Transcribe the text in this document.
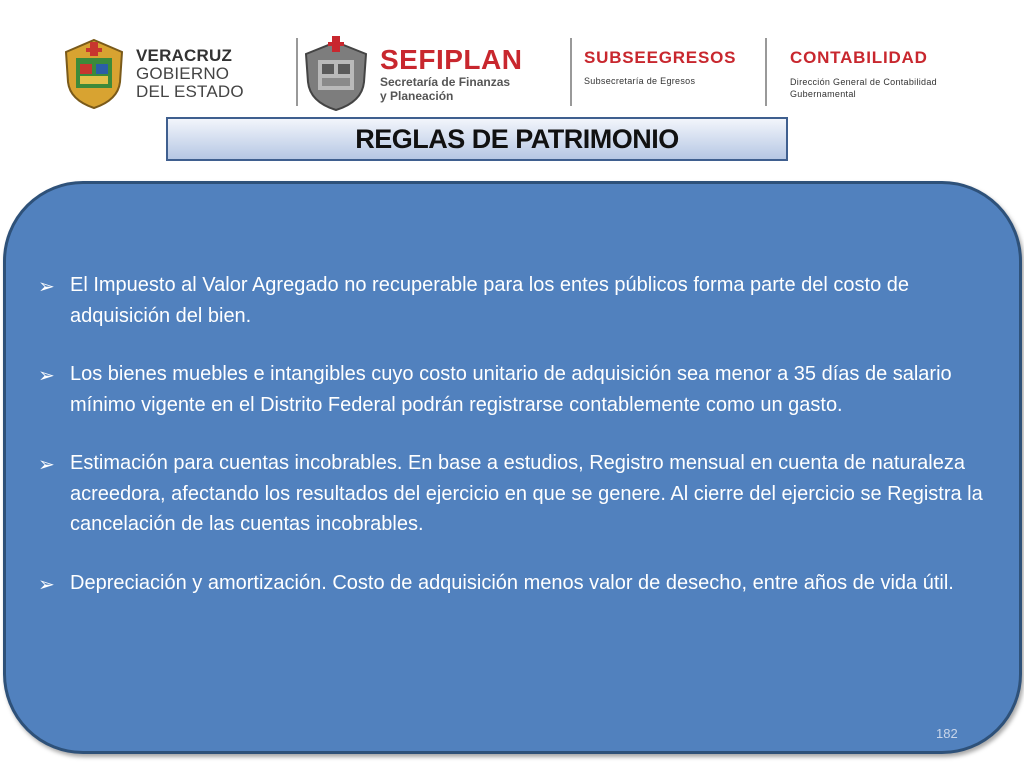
VERACRUZ
GOBIERNO
DEL ESTADO
SEFIPLAN
Secretaría de Finanzas
y Planeación
SUBSEEGRESOS
Subsecretaría de Egresos
CONTABILIDAD
Dirección General de Contabilidad
Gubernamental
REGLAS DE PATRIMONIO
➢ El Impuesto al Valor Agregado no recuperable para los entes públicos forma parte del costo de adquisición del bien.
➢ Los bienes muebles e intangibles cuyo costo unitario de adquisición sea menor a 35 días de salario mínimo vigente en el Distrito Federal podrán registrarse contablemente como un gasto.
➢ Estimación para cuentas incobrables. En base a estudios, Registro mensual en cuenta de naturaleza acreedora, afectando los resultados del ejercicio en que se genere. Al cierre del ejercicio se Registra la cancelación de las cuentas incobrables.
➢ Depreciación y amortización. Costo de adquisición menos valor de desecho, entre años de vida útil.
182
